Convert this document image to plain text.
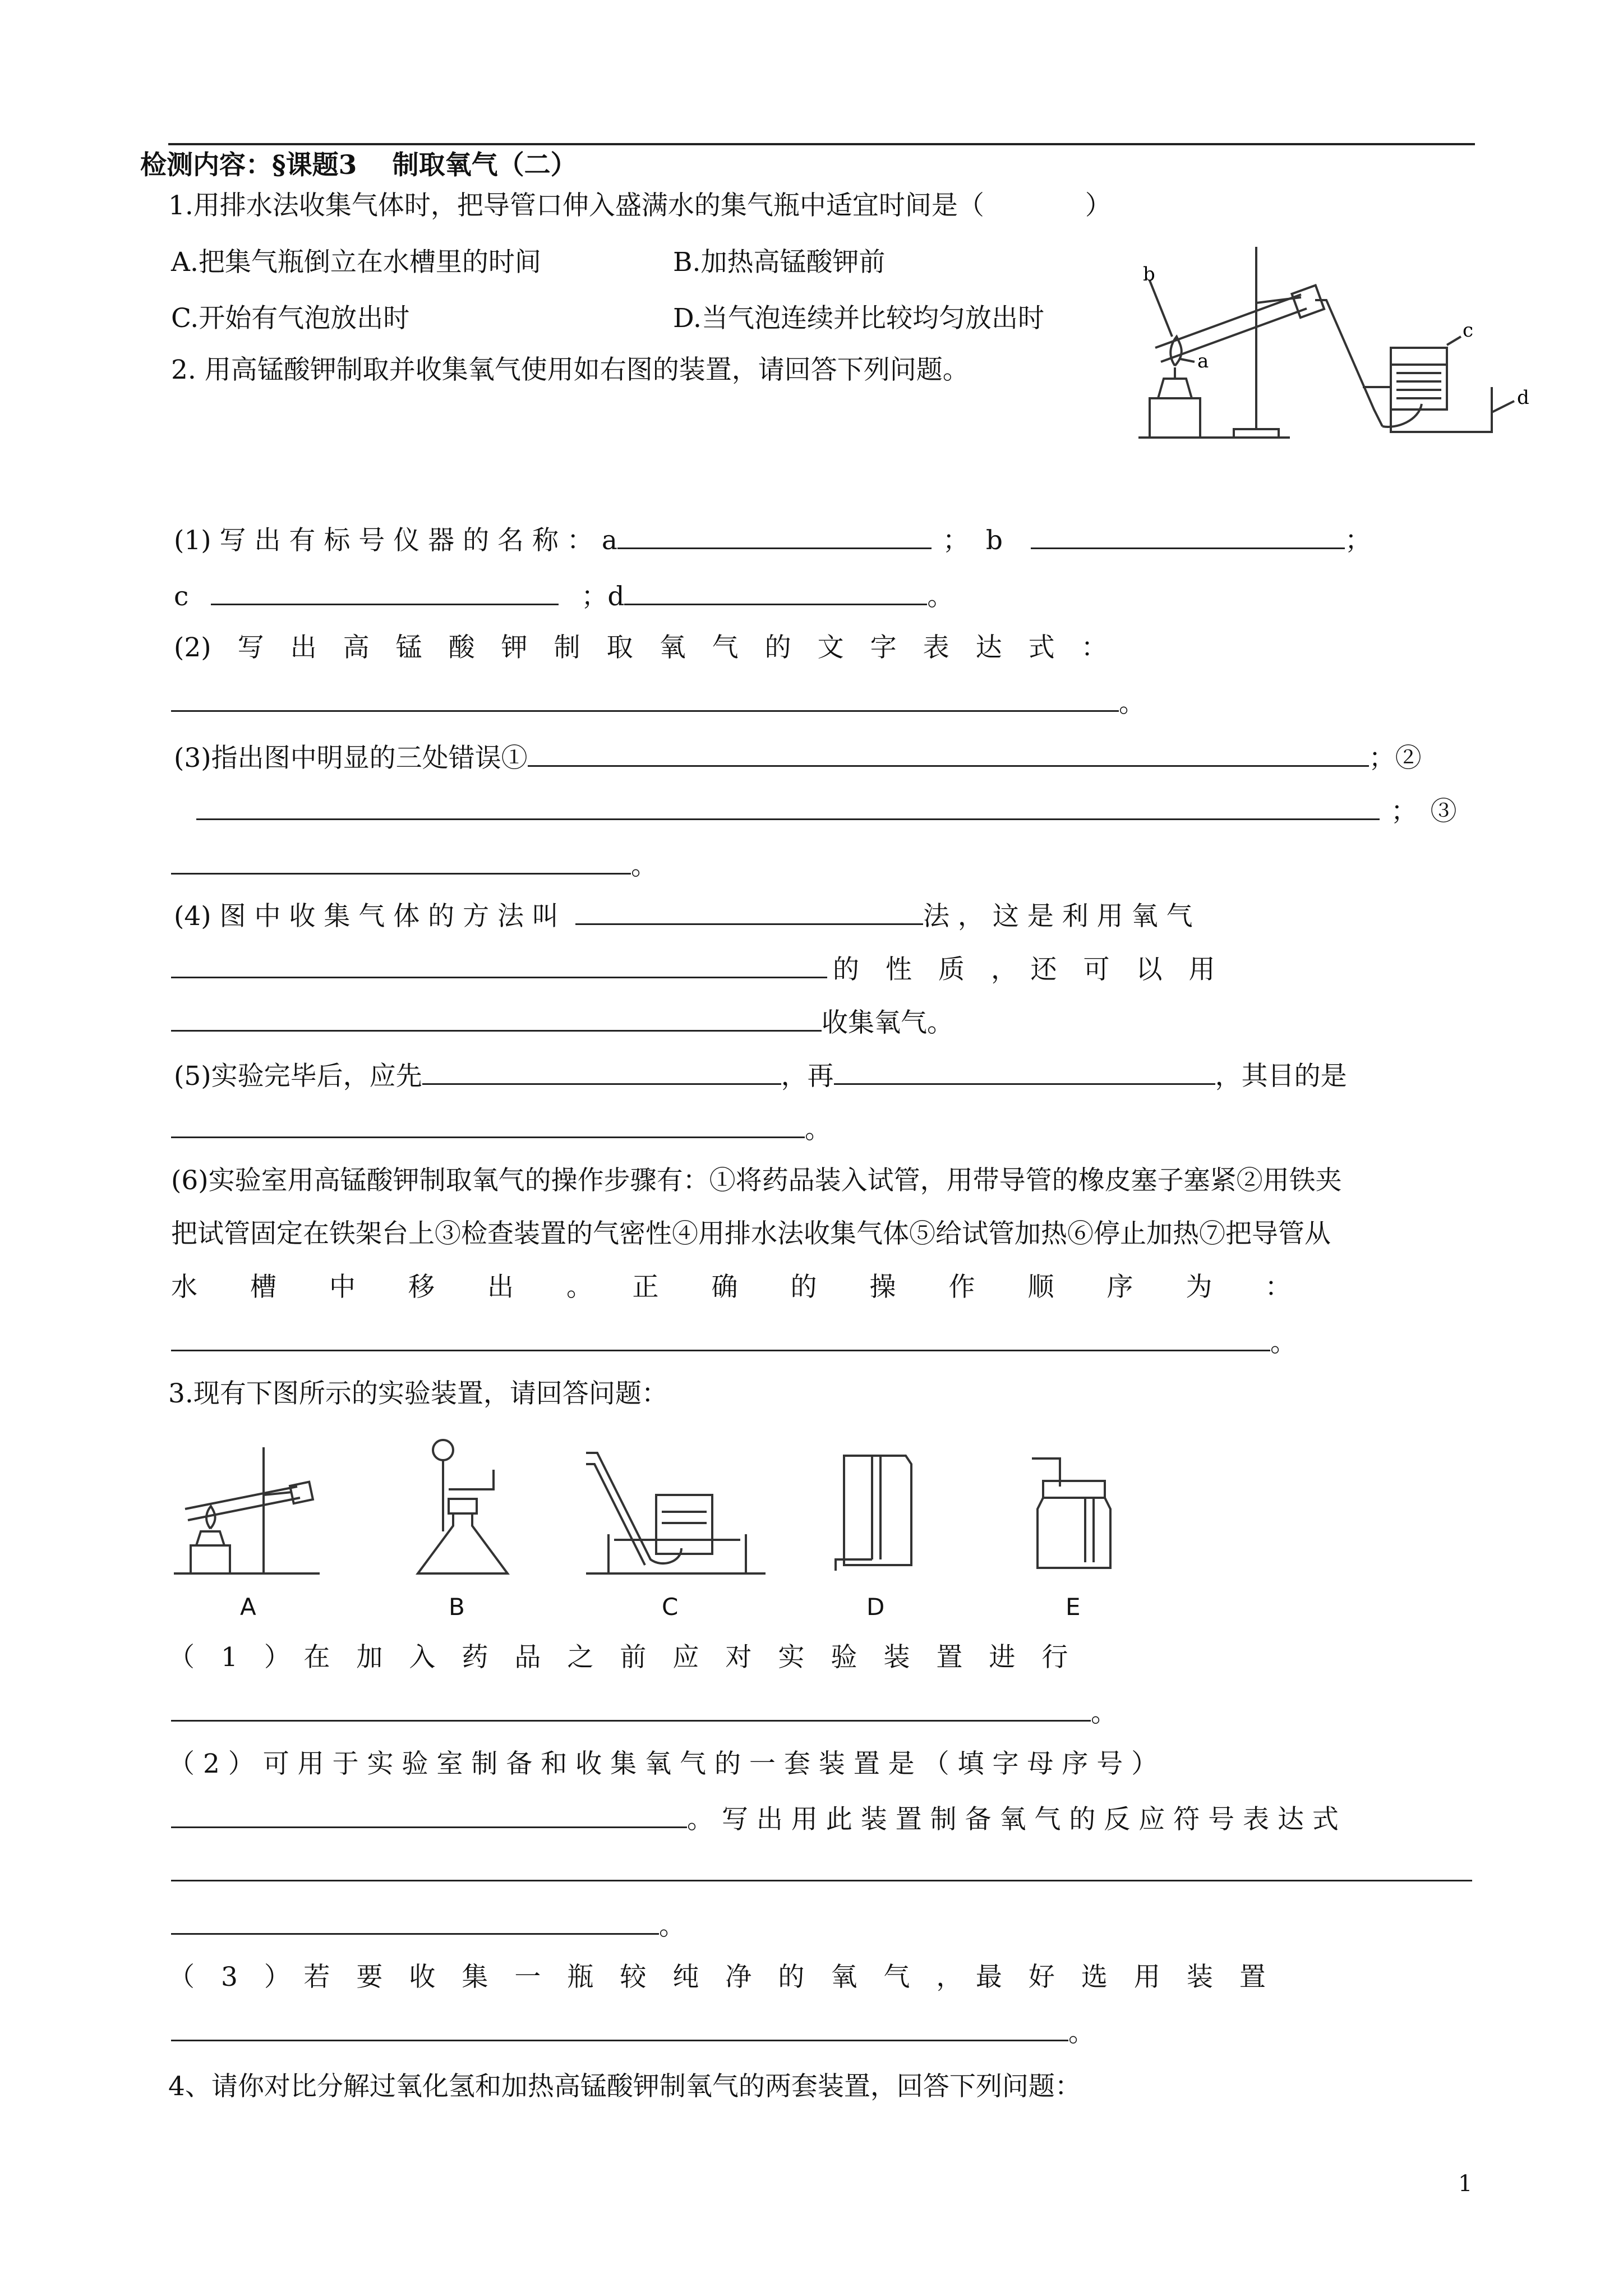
检测内容：§课题3　 制取氧气（二）
1.用排水法收集气体时，把导管口伸入盛满水的集气瓶中适宜时间是（	）
A.把集气瓶倒立在水槽里的时间	B.加热高锰酸钾前
C.开始有气泡放出时	D.当气泡连续并比较均匀放出时
2. 用高锰酸钾制取并收集氧气使用如右图的装置，请回答下列问题。
b
a
c
d
(1) 写 出 有 标 号 仪 器 的 名 称 ： a	； b	；
c	；d	。
(2)　写　出　高　锰　酸　钾　制　取　氧　气　的　文　字　表　达　式　：
。
(3)指出图中明显的三处错误①	；②
；　③
。
(4) 图 中 收 集 气 体 的 方 法 叫	法 ， 这 是 利 用 氧 气
的　性　质　，　还　可　以　用
收集氧气。
(5)实验完毕后，应先	，再	，其目的是
。
(6)实验室用高锰酸钾制取氧气的操作步骤有：①将药品装入试管，用带导管的橡皮塞子塞紧②用铁夹
把试管固定在铁架台上③检查装置的气密性④用排水法收集气体⑤给试管加热⑥停止加热⑦把导管从
水　　槽　　中　　移　　出　　。　　正　　确　　的　　操　　作　　顺　　序　　为　　：
。
3.现有下图所示的实验装置，请回答问题：
A	B	C	D	E
（　1　）　在　加　入　药　品　之　前　应　对　实　验　装　置　进　行
。
（ 2 ） 可 用 于 实 验 室 制 备 和 收 集 氧 气 的 一 套 装 置 是 （ 填 字 母 序 号 ）
。 写 出 用 此 装 置 制 备 氧 气 的 反 应 符 号 表 达 式
。
（　3　）　若　要　收　集　一　瓶　较　纯　净　的　氧　气　，　最　好　选　用　装　置
。
4、请你对比分解过氧化氢和加热高锰酸钾制氧气的两套装置，回答下列问题：
1
